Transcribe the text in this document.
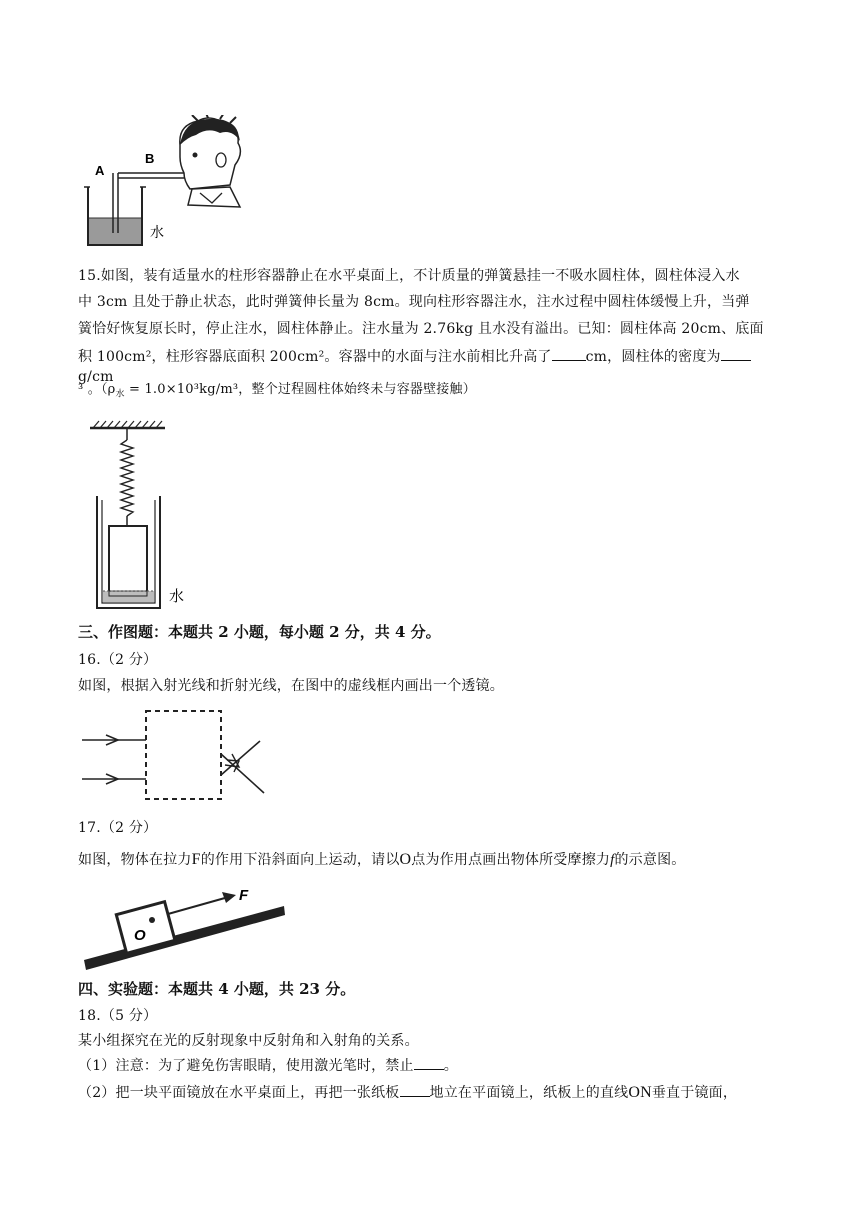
A
B
水
15.如图，装有适量水的柱形容器静止在水平桌面上，不计质量的弹簧悬挂一不吸水圆柱体，圆柱体浸入水
中 3cm 且处于静止状态，此时弹簧伸长量为 8cm。现向柱形容器注水，注水过程中圆柱体缓慢上升，当弹
簧恰好恢复原长时，停止注水，圆柱体静止。注水量为 2.76kg 且水没有溢出。已知：圆柱体高 20cm、底面
积 100cm²，柱形容器底面积 200cm²。容器中的水面与注水前相比升高了 cm，圆柱体的密度为g/cm
³ 。（$\rho_水 = 1.0\times 10^3kg/m^3$，整个过程圆柱体始终未与容器壁接触）
水
三、作图题：本题共 2 小题，每小题 2 分，共 4 分。
16.（2 分）
如图，根据入射光线和折射光线，在图中的虚线框内画出一个透镜。
17.（2 分）
如图，物体在拉力F的作用下沿斜面向上运动，请以O点为作用点画出物体所受摩擦力f的示意图。
F
O
四、实验题：本题共 4 小题，共 23 分。
18.（5 分）
某小组探究在光的反射现象中反射角和入射角的关系。
（1）注意：为了避免伤害眼睛，使用激光笔时，禁止 。
（2）把一块平面镜放在水平桌面上，再把一张纸板 地立在平面镜上，纸板上的直线ON垂直于镜面，
